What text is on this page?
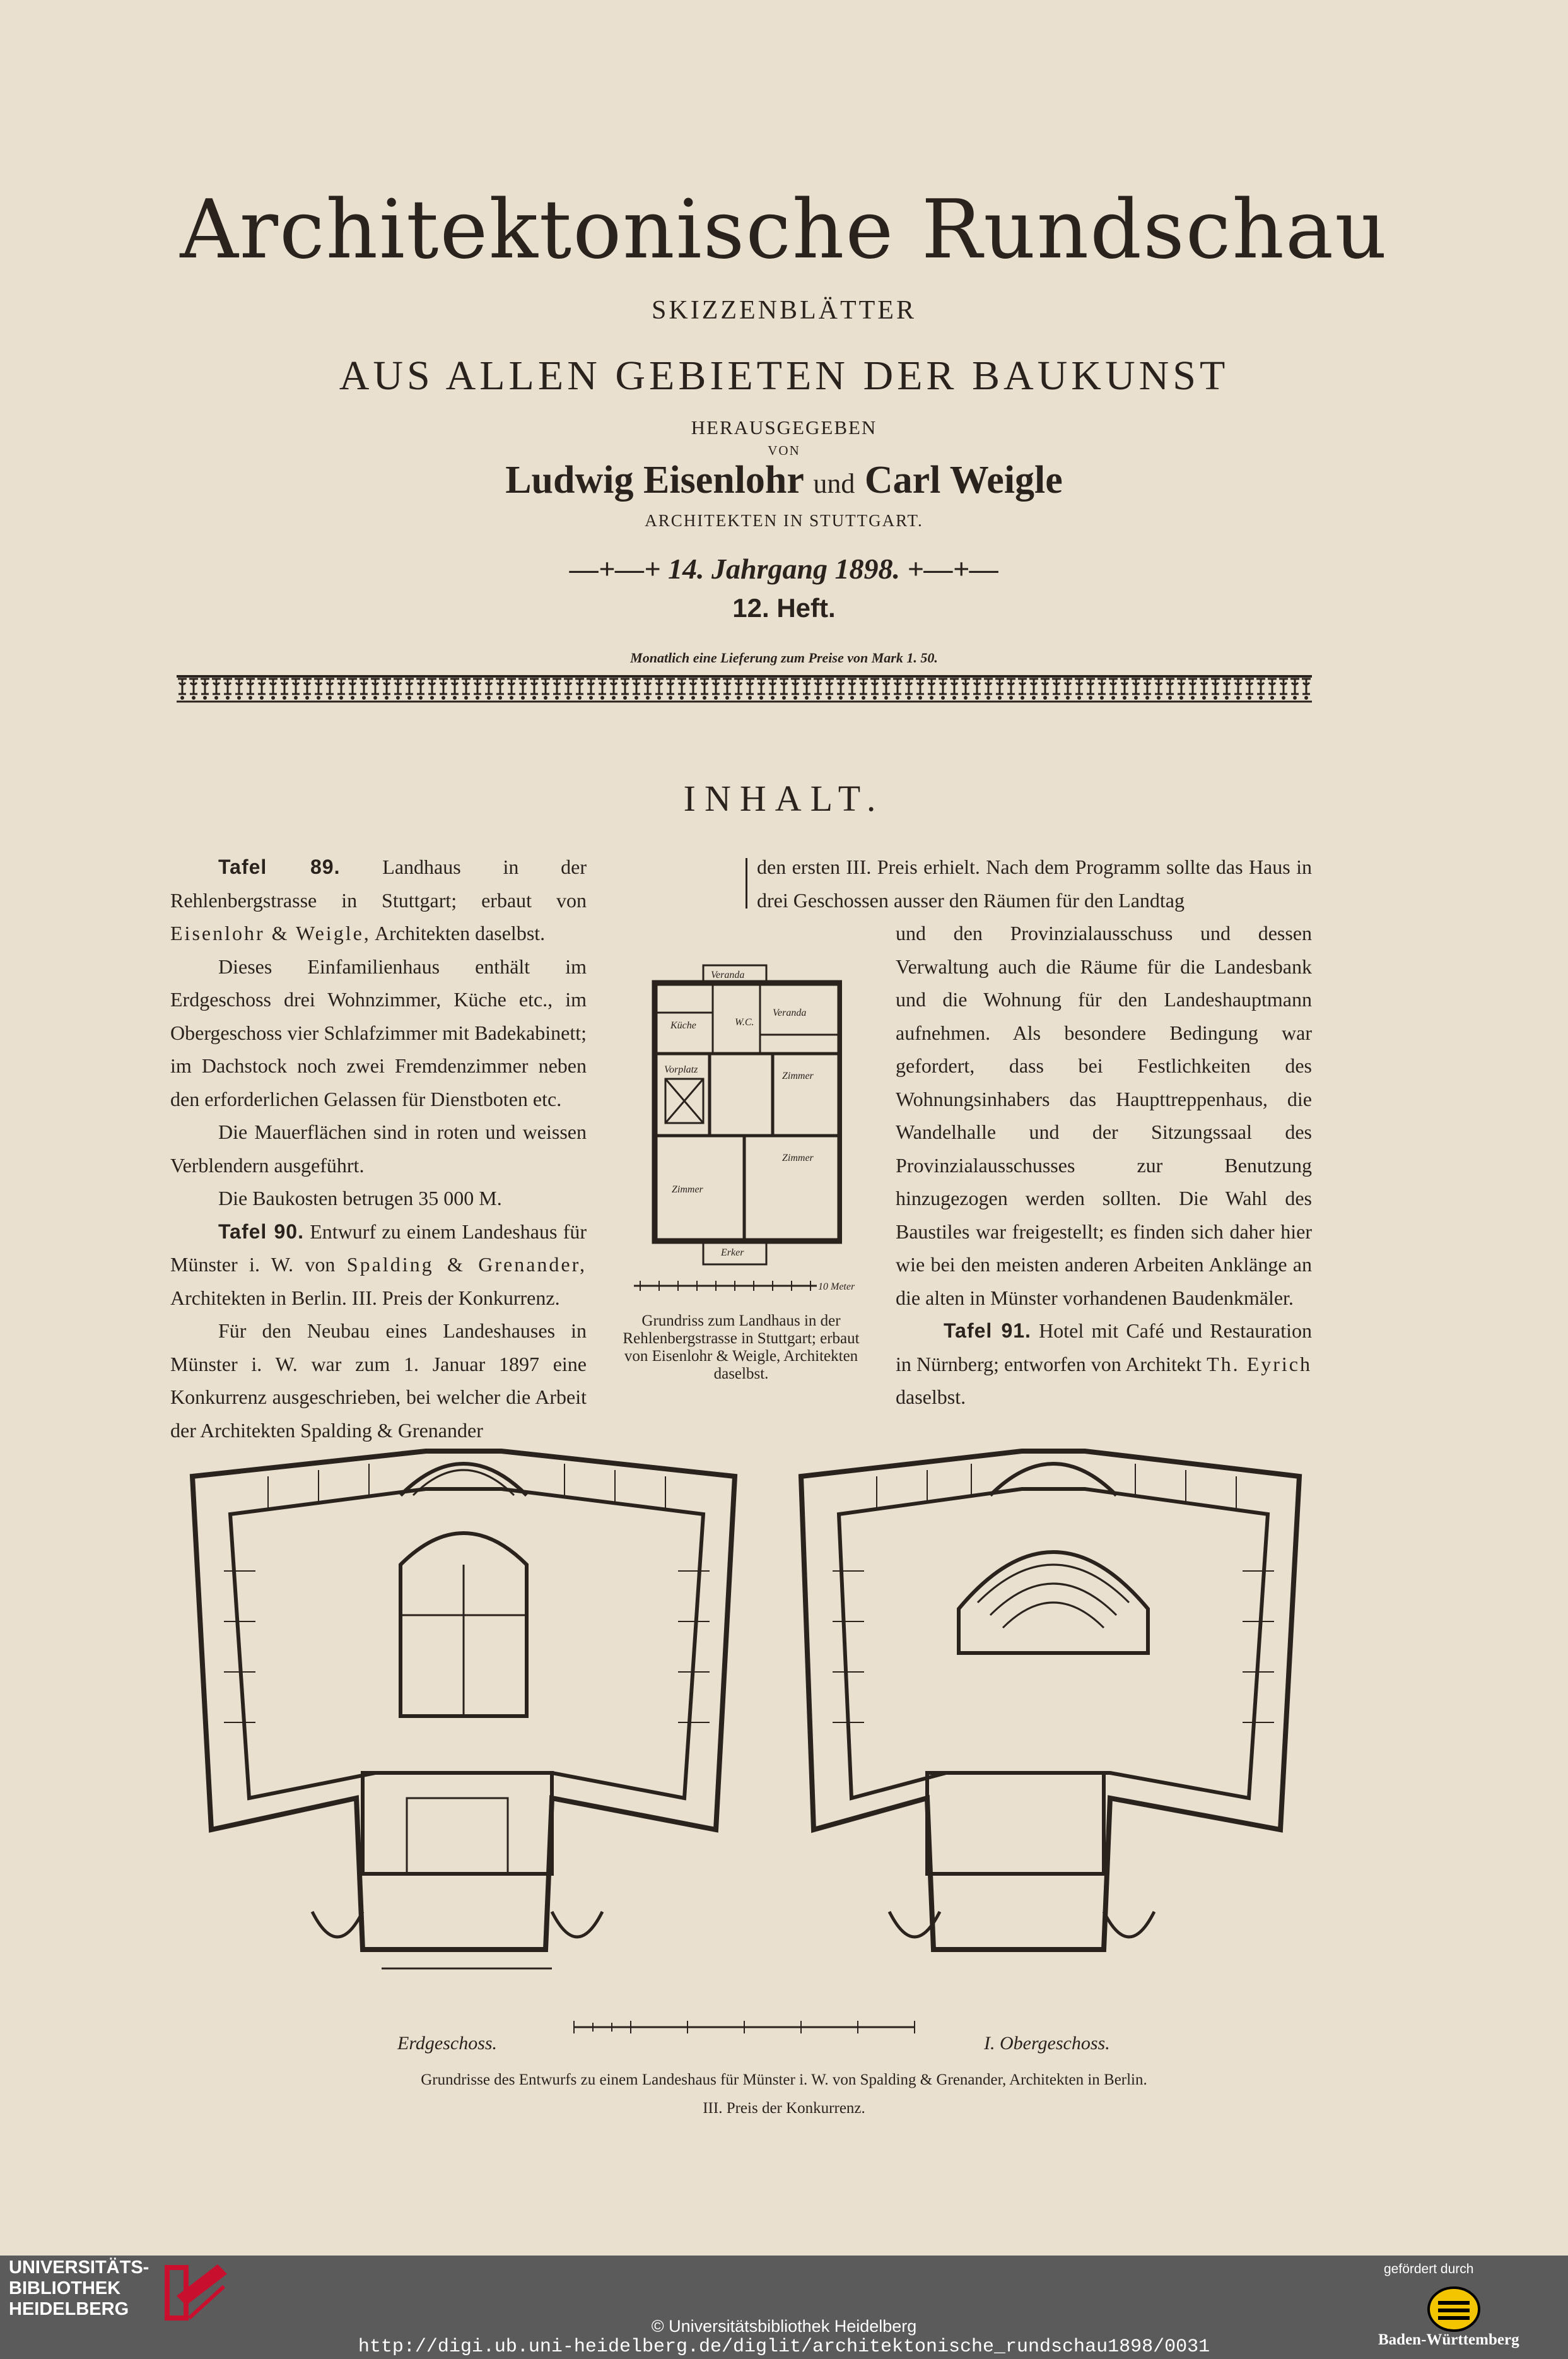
Architektonische Rundschau
SKIZZENBLÄTTER
AUS ALLEN GEBIETEN DER BAUKUNST
HERAUSGEGEBEN
VON
Ludwig Eisenlohr und Carl Weigle
ARCHITEKTEN IN STUTTGART.
—+—+ 14. Jahrgang 1898. +—+—
12. Heft.
Monatlich eine Lieferung zum Preise von Mark 1. 50.
INHALT.

Tafel 89. Landhaus in der Rehlenbergstrasse in Stuttgart; erbaut von Eisenlohr & Weigle, Architekten daselbst.

Dieses Einfamilienhaus enthält im Erdgeschoss drei Wohnzimmer, Küche etc., im Obergeschoss vier Schlafzimmer mit Badekabinett; im Dachstock noch zwei Fremdenzimmer neben den erforderlichen Gelassen für Dienstboten etc.

Die Mauerflächen sind in roten und weissen Verblendern ausgeführt.

Die Baukosten betrugen 35 000 M.

Tafel 90. Entwurf zu einem Landeshaus für Münster i. W. von Spalding & Grenander, Architekten in Berlin. III. Preis der Konkurrenz.

Für den Neubau eines Landeshauses in Münster i. W. war zum 1. Januar 1897 eine Konkurrenz ausgeschrieben, bei welcher die Arbeit der Architekten Spalding & Grenander

den ersten III. Preis erhielt. Nach dem Programm sollte das Haus in drei Geschossen ausser den Räumen für den Landtag

und den Provinzialausschuss und dessen Verwaltung auch die Räume für die Landesbank und die Wohnung für den Landeshauptmann aufnehmen. Als besondere Bedingung war gefordert, dass bei Festlichkeiten des Wohnungsinhabers das Haupttreppenhaus, die Wandelhalle und der Sitzungssaal des Provinzialausschusses zur Benutzung hinzugezogen werden sollten. Die Wahl des Baustiles war freigestellt; es finden sich daher hier wie bei den meisten anderen Arbeiten Anklänge an die alten in Münster vorhandenen Baudenkmäler.

Tafel 91. Hotel mit Café und Restauration in Nürnberg; entworfen von Architekt Th. Eyrich daselbst.

Veranda
Küche	W.C.
Veranda
Vorplatz
Zimmer
Zimmer
Zimmer
Erker
10 Meter
Grundriss zum Landhaus in der Rehlenbergstrasse in Stuttgart; erbaut von Eisenlohr & Weigle, Architekten daselbst.
Erdgeschoss.	I. Obergeschoss.
Grundrisse des Entwurfs zu einem Landeshaus für Münster i. W. von Spalding & Grenander, Architekten in Berlin.
III. Preis der Konkurrenz.
UNIVERSITÄTS-
BIBLIOTHEK
HEIDELBERG
gefördert durch
Baden-Württemberg
© Universitätsbibliothek Heidelberg
http://digi.ub.uni-heidelberg.de/diglit/architektonische_rundschau1898/0031
